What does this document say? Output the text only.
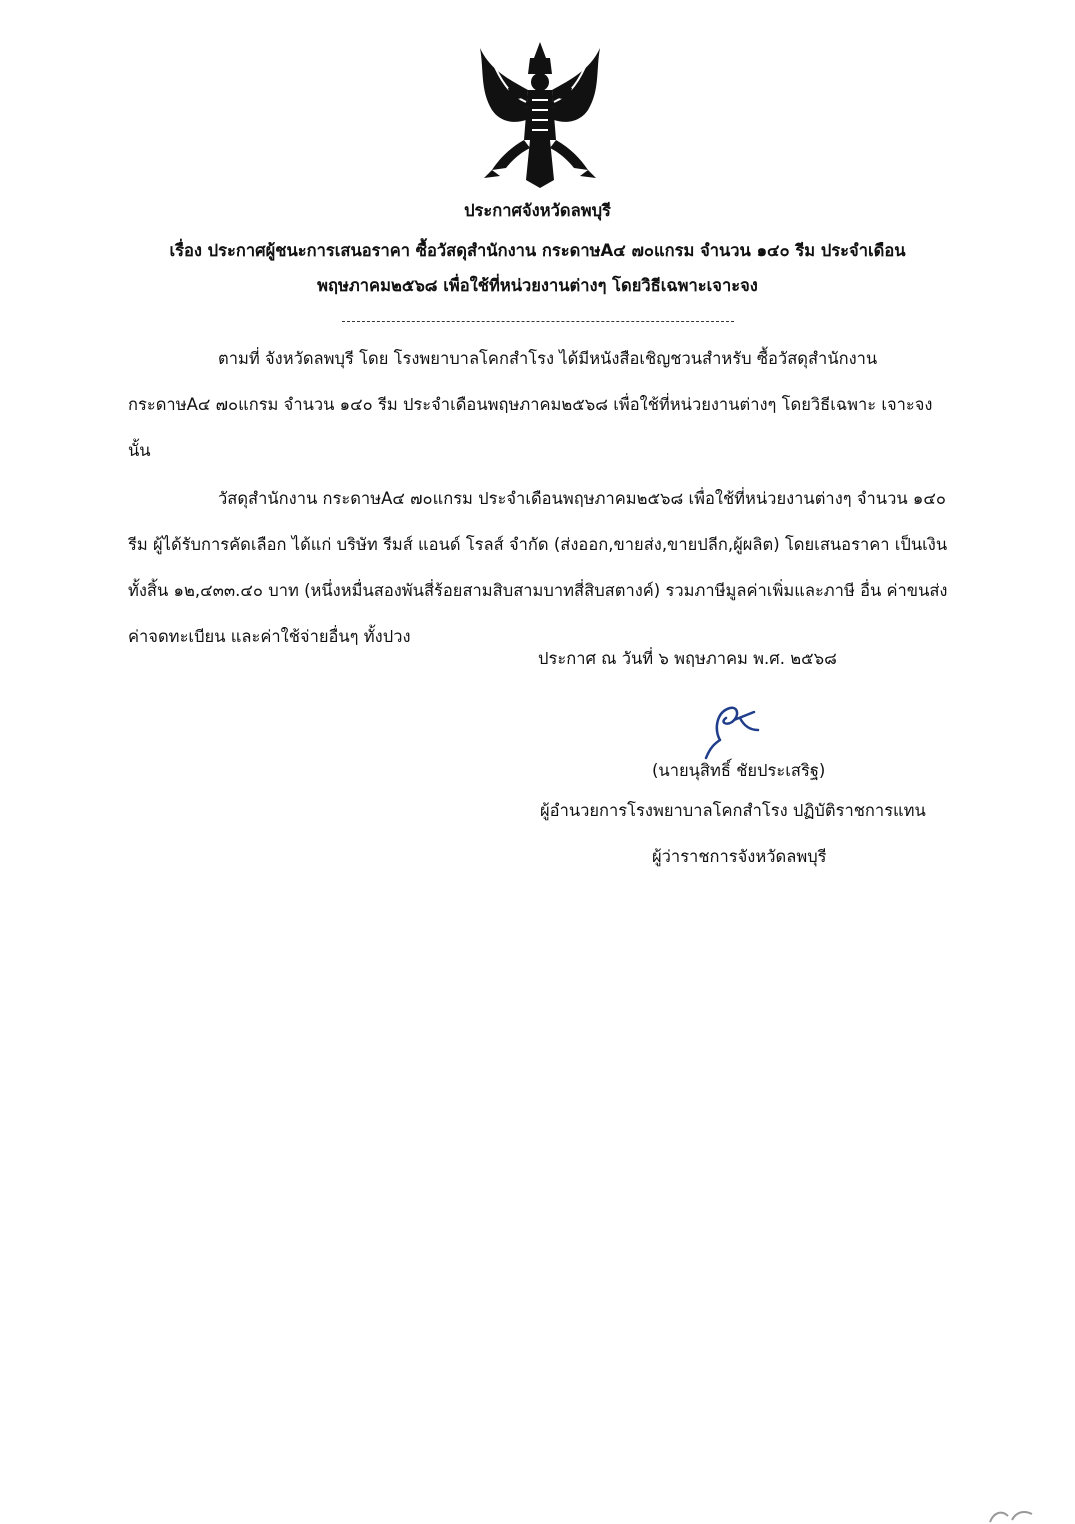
ประกาศจังหวัดลพบุรี
เรื่อง ประกาศผู้ชนะการเสนอราคา ซื้อวัสดุสำนักงาน กระดาษA๔ ๗๐แกรม จำนวน ๑๔๐ รีม ประจำเดือน
พฤษภาคม๒๕๖๘ เพื่อใช้ที่หน่วยงานต่างๆ โดยวิธีเฉพาะเจาะจง

ตามที่ จังหวัดลพบุรี โดย โรงพยาบาลโคกสำโรง ได้มีหนังสือเชิญชวนสำหรับ ซื้อวัสดุสำนักงาน กระดาษA๔ ๗๐แกรม จำนวน ๑๔๐ รีม ประจำเดือนพฤษภาคม๒๕๖๘ เพื่อใช้ที่หน่วยงานต่างๆ โดยวิธีเฉพาะ เจาะจง นั้น

วัสดุสำนักงาน กระดาษA๔ ๗๐แกรม ประจำเดือนพฤษภาคม๒๕๖๘ เพื่อใช้ที่หน่วยงานต่างๆ จำนวน ๑๔๐ รีม ผู้ได้รับการคัดเลือก ได้แก่ บริษัท รีมส์ แอนด์ โรลส์ จำกัด (ส่งออก,ขายส่ง,ขายปลีก,ผู้ผลิต) โดยเสนอราคา เป็นเงินทั้งสิ้น ๑๒,๔๓๓.๔๐ บาท (หนึ่งหมื่นสองพันสี่ร้อยสามสิบสามบาทสี่สิบสตางค์) รวมภาษีมูลค่าเพิ่มและภาษี อื่น ค่าขนส่ง ค่าจดทะเบียน และค่าใช้จ่ายอื่นๆ ทั้งปวง

ประกาศ ณ วันที่ ๖ พฤษภาคม พ.ศ. ๒๕๖๘
(นายนุสิทธิ์ ชัยประเสริฐ)
ผู้อำนวยการโรงพยาบาลโคกสำโรง ปฏิบัติราชการแทน
ผู้ว่าราชการจังหวัดลพบุรี
